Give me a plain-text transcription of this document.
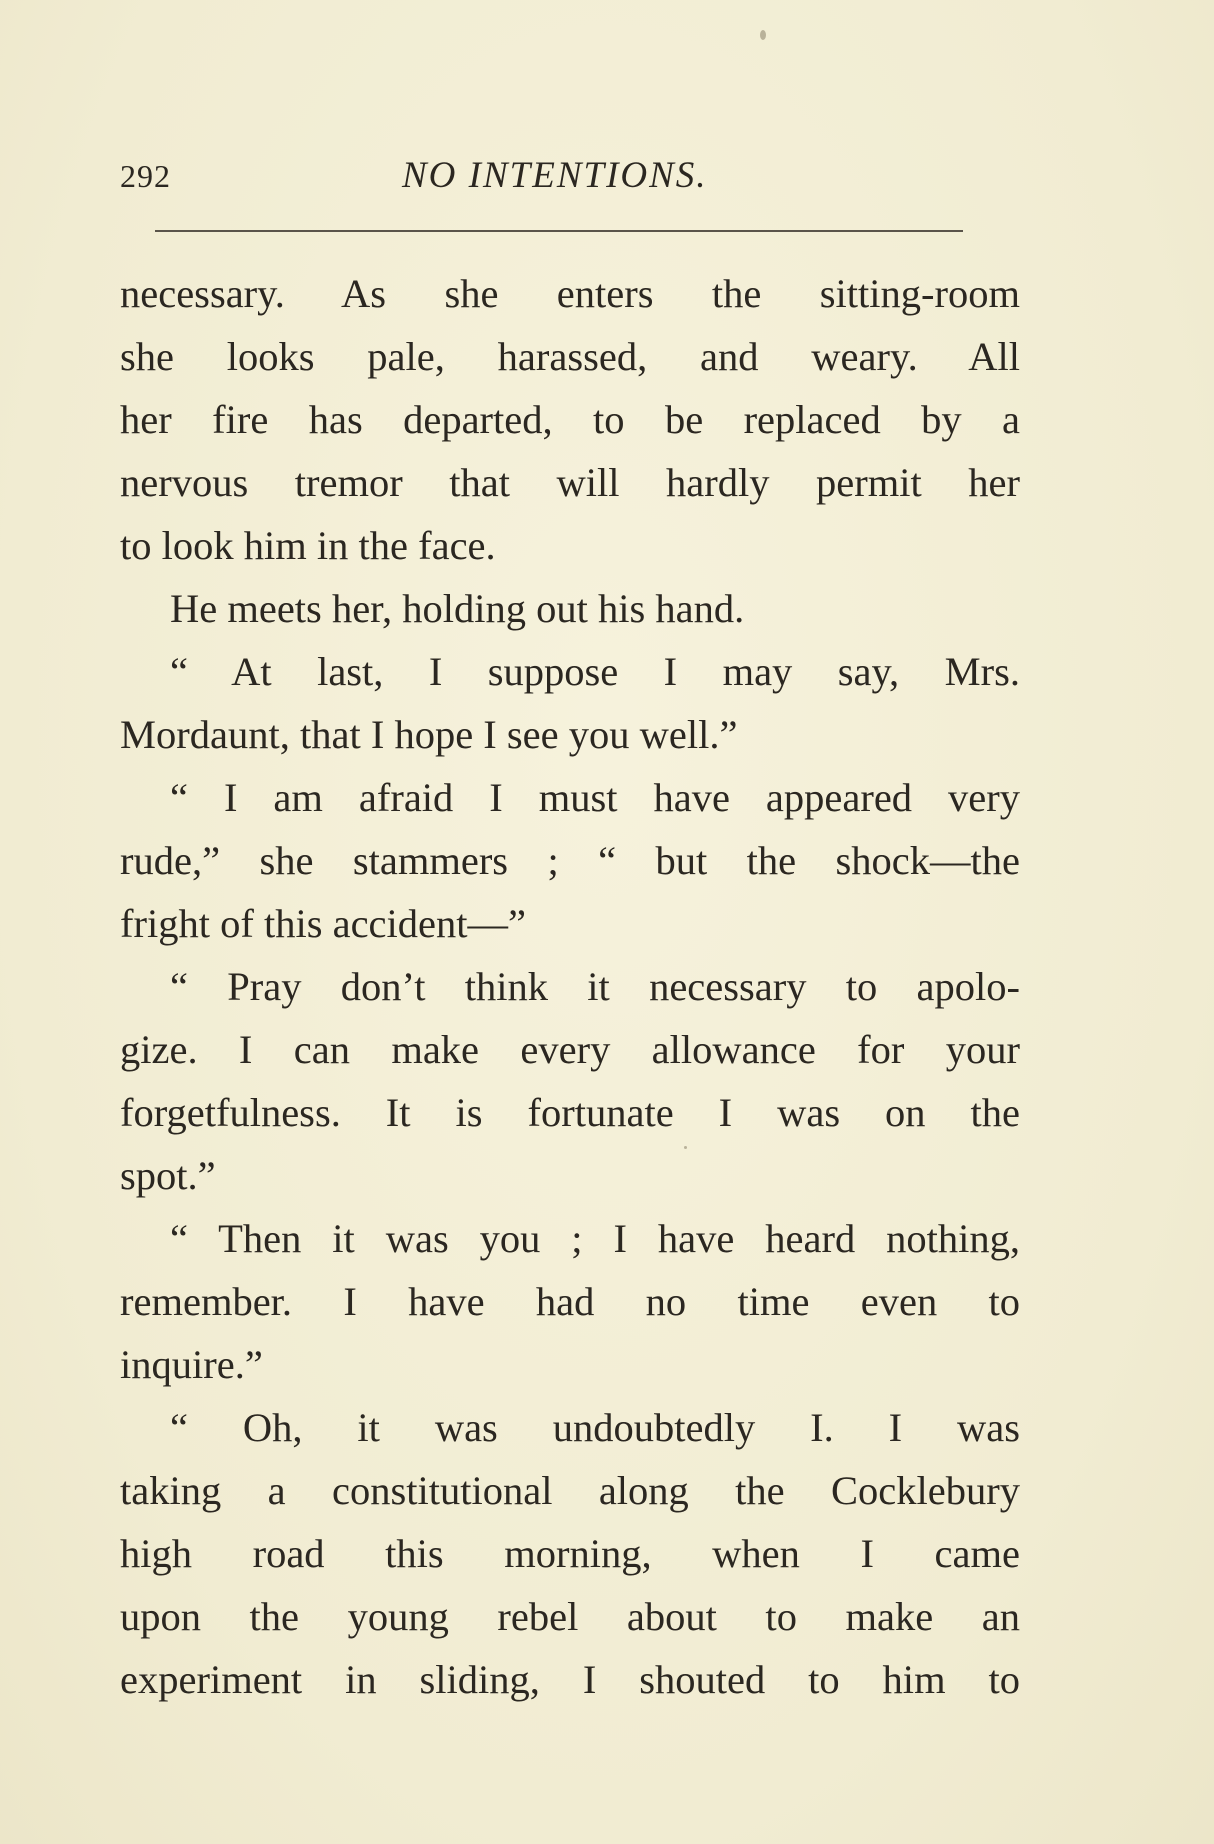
292	NO INTENTIONS.
necessary. As she enters the sitting-room
she looks pale, harassed, and weary. All
her fire has departed, to be replaced by a
nervous tremor that will hardly permit her
to look him in the face.
He meets her, holding out his hand.
“ At last, I suppose I may say, Mrs.
Mordaunt, that I hope I see you well.”
“ I am afraid I must have appeared very
rude,” she stammers ; “ but the shock—the
fright of this accident—”
“ Pray don’t think it necessary to apolo-
gize. I can make every allowance for your
forgetfulness. It is fortunate I was on the
spot.”
“ Then it was you ; I have heard nothing,
remember. I have had no time even to
inquire.”
“ Oh, it was undoubtedly I. I was
taking a constitutional along the Cocklebury
high road this morning, when I came
upon the young rebel about to make an
experiment in sliding, I shouted to him to
